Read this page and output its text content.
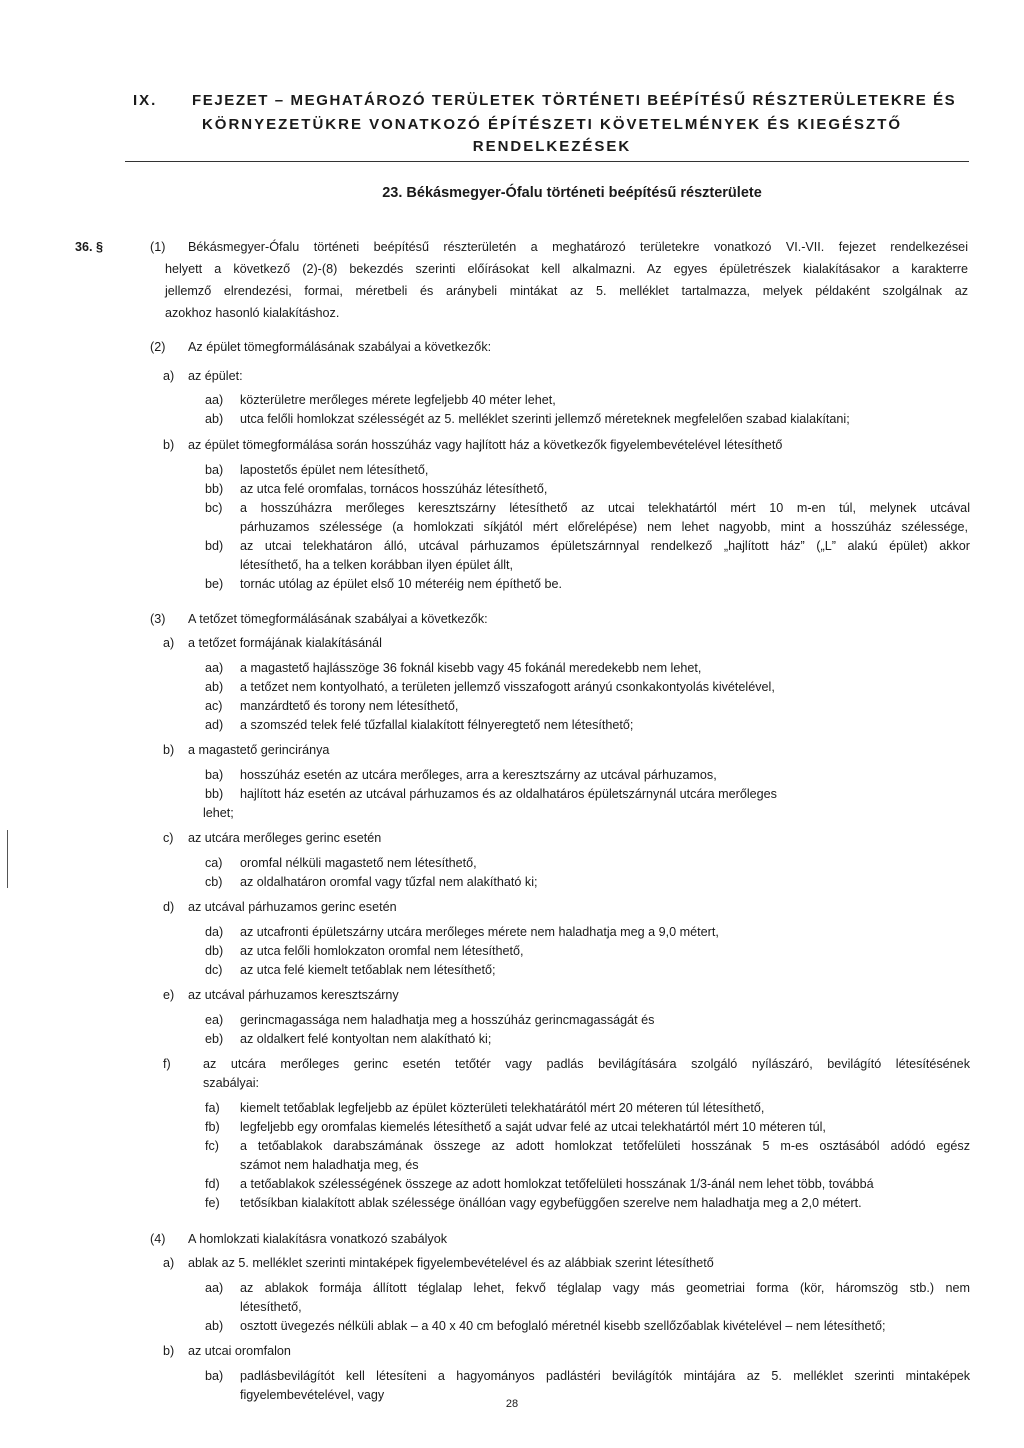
IX. FEJEZET – MEGHATÁROZÓ TERÜLETEK TÖRTÉNETI BEÉPÍTÉSŰ RÉSZTERÜLETEKRE ÉS
KÖRNYEZETÜKRE VONATKOZÓ ÉPÍTÉSZETI KÖVETELMÉNYEK ÉS KIEGÉSZTŐ
RENDELKEZÉSEK
23. Békásmegyer-Ófalu történeti beépítésű részterülete
36. §	(1) Békásmegyer-Ófalu történeti beépítésű részterületén a meghatározó területekre vonatkozó VI.-VII. fejezet rendelkezései
helyett a következő (2)-(8) bekezdés szerinti előírásokat kell alkalmazni. Az egyes épületrészek kialakításakor a karakterre
jellemző elrendezési, formai, méretbeli és aránybeli mintákat az 5. melléklet tartalmazza, melyek példaként szolgálnak az
azokhoz hasonló kialakításhoz.
(2) Az épület tömegformálásának szabályai a következők:
a) az épület:
aa) közterületre merőleges mérete legfeljebb 40 méter lehet,
ab) utca felőli homlokzat szélességét az 5. melléklet szerinti jellemző méreteknek megfelelően szabad kialakítani;
b) az épület tömegformálása során hosszúház vagy hajlított ház a következők figyelembevételével létesíthető
ba) lapostetős épület nem létesíthető,
bb) az utca felé oromfalas, tornácos hosszúház létesíthető,
bc)
bd)
létesíthető, ha a telken korábban ilyen épület állt,
be) tornác utólag az épület első 10 méteréig nem építhető be.
(3) A tetőzet tömegformálásának szabályai a következők:
a) a tetőzet formájának kialakításánál
aa) a magastető hajlásszöge 36 foknál kisebb vagy 45 fokánál meredekebb nem lehet,
ab) a tetőzet nem kontyolható, a területen jellemző visszafogott arányú csonkakontyolás kivételével,
ac) manzárdtető és torony nem létesíthető,
ad) a szomszéd telek felé tűzfallal kialakított félnyeregtető nem létesíthető;
b) a magastető gerinciránya
ba) hosszúház esetén az utcára merőleges, arra a keresztszárny az utcával párhuzamos,
bb) hajlított ház esetén az utcával párhuzamos és az oldalhatáros épületszárnynál utcára merőleges
lehet;
c) az utcára merőleges gerinc esetén
ca) oromfal nélküli magastető nem létesíthető,
cb) az oldalhatáron oromfal vagy tűzfal nem alakítható ki;
d) az utcával párhuzamos gerinc esetén
da) az utcafronti épületszárny utcára merőleges mérete nem haladhatja meg a 9,0 métert,
db) az utca felőli homlokzaton oromfal nem létesíthető,
dc) az utca felé kiemelt tetőablak nem létesíthető;
e) az utcával párhuzamos keresztszárny
ea) gerincmagassága nem haladhatja meg a hosszúház gerincmagasságát és
eb) az oldalkert felé kontyoltan nem alakítható ki;
f)
szabályai:
fa) kiemelt tetőablak legfeljebb az épület közterületi telekhatárától mért 20 méteren túl létesíthető,
fb) legfeljebb egy oromfalas kiemelés létesíthető a saját udvar felé az utcai telekhatártól mért 10 méteren túl,
fc)
számot nem haladhatja meg, és
fd) a tetőablakok szélességének összege az adott homlokzat tetőfelületi hosszának 1/3-ánál nem lehet több, továbbá
fe) tetősíkban kialakított ablak szélessége önállóan vagy egybefüggően szerelve nem haladhatja meg a 2,0 métert.
(4) A homlokzati kialakításra vonatkozó szabályok
a) ablak az 5. melléklet szerinti mintaképek figyelembevételével és az alábbiak szerint létesíthető
aa)
létesíthető,
ab) osztott üvegezés nélküli ablak – a 40 x 40 cm befoglaló méretnél kisebb szellőzőablak kivételével – nem létesíthető;
b) az utcai oromfalon
ba)
figyelembevételével, vagy
a hosszúházra merőleges keresztszárny létesíthető az utcai telekhatártól mért 10 m-en túl, melynek utcával
párhuzamos szélessége (a homlokzati síkjától mért előrelépése) nem lehet nagyobb, mint a hosszúház szélessége,
az utcai telekhatáron álló, utcával párhuzamos épületszárnnyal rendelkező „hajlított ház” („L” alakú épület) akkor
az utcára merőleges gerinc esetén tetőtér vagy padlás bevilágítására szolgáló nyílászáró, bevilágító létesítésének
a tetőablakok darabszámának összege az adott homlokzat tetőfelületi hosszának 5 m-es osztásából adódó egész
az ablakok formája állított téglalap lehet, fekvő téglalap vagy más geometriai forma (kör, háromszög stb.) nem
padlásbevilágítót kell létesíteni a hagyományos padlástéri bevilágítók mintájára az 5. melléklet szerinti mintaképek
28
